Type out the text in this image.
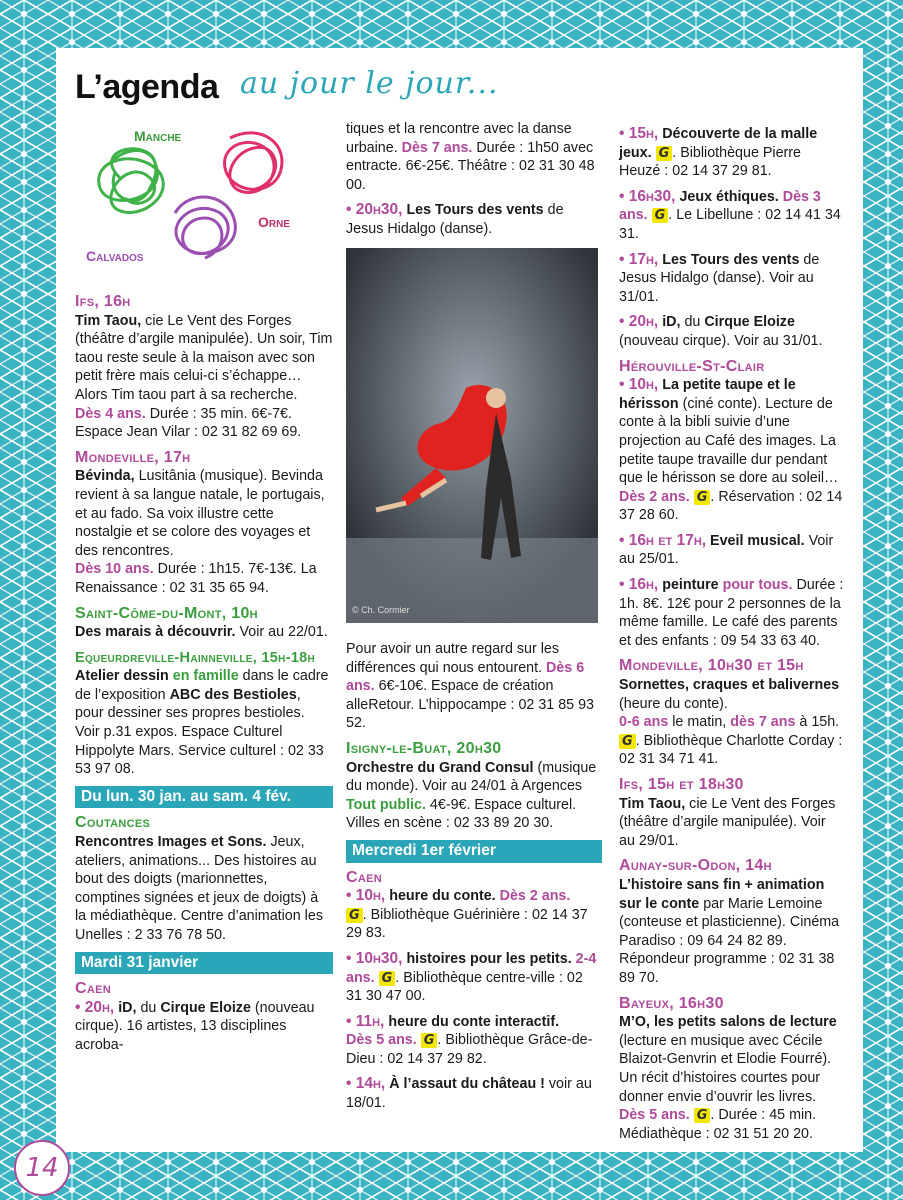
L’agenda au jour le jour...
Manche
Orne
Calvados

Ifs, 16h
Tim Taou, cie Le Vent des Forges (théâtre d’argile manipulée). Un soir, Tim taou reste seule à la maison avec son petit frère mais celui-ci s’échappe… Alors Tim taou part à sa recherche.
Dès 4 ans. Durée : 35 min. 6€-7€. Espace Jean Vilar : 02 31 82 69 69.

Mondeville, 17h
Bévinda, Lusitânia (musique). Bevinda revient à sa langue natale, le portugais, et au fado. Sa voix illustre cette nostalgie et se colore des voyages et des rencontres.
Dès 10 ans. Durée : 1h15. 7€-13€. La Renaissance : 02 31 35 65 94.

Saint-Côme-du-Mont, 10h
Des marais à découvrir. Voir au 22/01.

Equeurdreville-Hainneville, 15h-18h
Atelier dessin en famille dans le cadre de l’exposition ABC des Bestioles, pour dessiner ses propres bestioles. Voir p.31 expos. Espace Culturel Hippolyte Mars. Service culturel : 02 33 53 97 08.

Du lun. 30 jan. au sam. 4 fév.

Coutances
Rencontres Images et Sons. Jeux, ateliers, animations... Des histoires au bout des doigts (marionnettes, comptines signées et jeux de doigts) à la médiathèque. Centre d’animation les Unelles : 2 33 76 78 50.

Mardi 31 janvier

Caen
• 20h, iD, du Cirque Eloize (nouveau cirque). 16 artistes, 13 disciplines acroba-

tiques et la rencontre avec la danse urbaine. Dès 7 ans. Durée : 1h50 avec entracte. 6€-25€. Théâtre : 02 31 30 48 00.

• 20h30, Les Tours des vents de Jesus Hidalgo (danse).

Pour avoir un autre regard sur les différences qui nous entourent. Dès 6 ans. 6€-10€. Espace de création alleRetour. L’hippocampe : 02 31 85 93 52.

Isigny-le-Buat, 20h30
Orchestre du Grand Consul (musique du monde). Voir au 24/01 à Argences
Tout public. 4€-9€. Espace culturel. Villes en scène : 02 33 89 20 30.

Mercredi 1er février
Caen

• 10h, heure du conte. Dès 2 ans.
G . Bibliothèque Guérinière : 02 14 37 29 83.

• 10h30, histoires pour les petits. 2-4 ans. G . Bibliothèque centre-ville : 02 31 30 47 00.

• 11h, heure du conte interactif.
Dès 5 ans. G . Bibliothèque Grâce-de-Dieu : 02 14 37 29 82.

• 14h, À l’assaut du château ! voir au 18/01.

© Ch. Cormier

• 15h, Découverte de la malle jeux. G . Bibliothèque Pierre Heuzé : 02 14 37 29 81.

• 16h30, Jeux éthiques. Dès 3 ans. G . Le Libellune : 02 14 41 34 31.

• 17h, Les Tours des vents de Jesus Hidalgo (danse). Voir au 31/01.

• 20h, iD, du Cirque Eloize (nouveau cirque). Voir au 31/01.

Hérouville-St-Clair

• 10h, La petite taupe et le hérisson (ciné conte). Lecture de conte à la bibli suivie d’une projection au Café des images. La petite taupe travaille dur pendant que le hérisson se dore au soleil… Dès 2 ans. G . Réservation : 02 14 37 28 60.

• 16h et 17h, Eveil musical. Voir au 25/01.

• 16h, peinture pour tous. Durée : 1h. 8€. 12€ pour 2 personnes de la même famille. Le café des parents et des enfants : 09 54 33 63 40.

Mondeville, 10h30 et 15h
Sornettes, craques et balivernes (heure du conte).
0-6 ans le matin, dès 7 ans à 15h.
G . Bibliothèque Charlotte Corday : 02 31 34 71 41.

Ifs, 15h et 18h30
Tim Taou, cie Le Vent des Forges (théâtre d’argile manipulée). Voir au 29/01.

Aunay-sur-Odon, 14h
L’histoire sans fin + animation sur le conte par Marie Lemoine (conteuse et plasticienne). Cinéma Paradiso : 09 64 24 82 89. Répondeur programme : 02 31 38 89 70.

Bayeux, 16h30
M’O, les petits salons de lecture (lecture en musique avec Cécile Blaizot-Genvrin et Elodie Fourré). Un récit d’histoires courtes pour donner envie d’ouvrir les livres. Dès 5 ans. G . Durée : 45 min. Médiathèque : 02 31 51 20 20.

14
